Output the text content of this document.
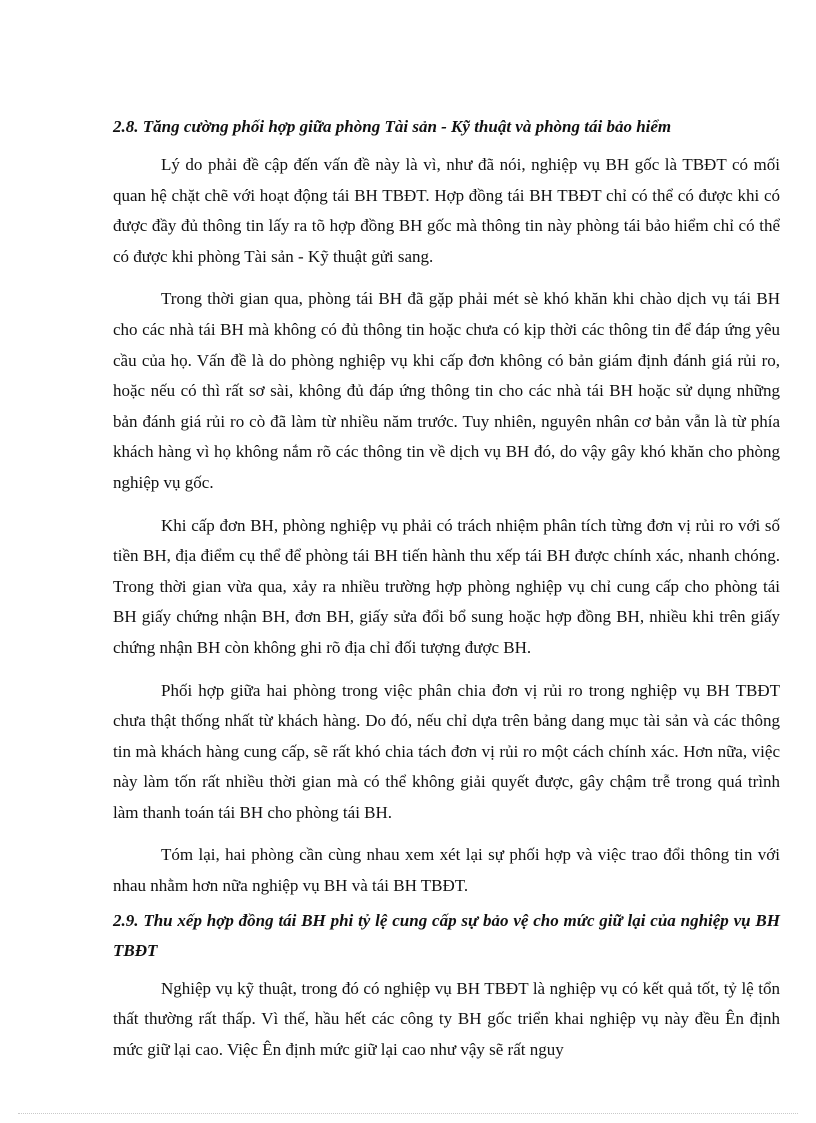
2.8. Tăng cường phối hợp giữa phòng Tài sản - Kỹ thuật và phòng tái bảo hiểm

Lý do phải đề cập đến vấn đề này là vì, như đã nói, nghiệp vụ BH gốc là TBĐT có mối quan hệ chặt chẽ với hoạt động tái BH TBĐT. Hợp đồng tái BH TBĐT chỉ có thể có được khi có được đầy đủ thông tin lấy ra tõ hợp đồng BH gốc mà thông tin này phòng tái bảo hiểm chỉ có thể có được khi phòng Tài sản - Kỹ thuật gửi sang.

Trong thời gian qua, phòng tái BH đã gặp phải mét sè khó khăn khi chào dịch vụ tái BH cho các nhà tái BH mà không có đủ thông tin hoặc chưa có kịp thời các thông tin để đáp ứng yêu cầu của họ. Vấn đề là do phòng nghiệp vụ khi cấp đơn không có bản giám định đánh giá rủi ro, hoặc nếu có thì rất sơ sài, không đủ đáp ứng thông tin cho các nhà tái BH hoặc sử dụng những bản đánh giá rủi ro cò đã làm từ nhiều năm trước. Tuy nhiên, nguyên nhân cơ bản vẫn là từ phía khách hàng vì họ không nắm rõ các thông tin về dịch vụ BH đó, do vậy gây khó khăn cho phòng nghiệp vụ gốc.

Khi cấp đơn BH, phòng nghiệp vụ phải có trách nhiệm phân tích từng đơn vị rủi ro với số tiền BH, địa điểm cụ thể để phòng tái BH tiến hành thu xếp tái BH được chính xác, nhanh chóng. Trong thời gian vừa qua, xảy ra nhiều trường hợp phòng nghiệp vụ chỉ cung cấp cho phòng tái BH giấy chứng nhận BH, đơn BH, giấy sửa đổi bổ sung hoặc hợp đồng BH, nhiều khi trên giấy chứng nhận BH còn không ghi rõ địa chỉ đối tượng được BH.

Phối hợp giữa hai phòng trong việc phân chia đơn vị rủi ro trong nghiệp vụ BH TBĐT chưa thật thống nhất từ khách hàng. Do đó, nếu chỉ dựa trên bảng dang mục tài sản và các thông tin mà khách hàng cung cấp, sẽ rất khó chia tách đơn vị rủi ro một cách chính xác. Hơn nữa, việc này làm tốn rất nhiều thời gian mà có thể không giải quyết được, gây chậm trễ trong quá trình làm thanh toán tái BH cho phòng tái BH.

Tóm lại, hai phòng cần cùng nhau xem xét lại sự phối hợp và việc trao đổi thông tin với nhau nhằm hơn nữa nghiệp vụ BH và tái BH TBĐT.

2.9. Thu xếp hợp đồng tái BH phi tỷ lệ cung cấp sự bảo vệ cho mức giữ lại của nghiệp vụ BH TBĐT

Nghiệp vụ kỹ thuật, trong đó có nghiệp vụ BH TBĐT là nghiệp vụ có kết quả tốt, tỷ lệ tổn thất thường rất thấp. Vì thế, hầu hết các công ty BH gốc triển khai nghiệp vụ này đều Ên định mức giữ lại cao. Việc Ên định mức giữ lại cao như vậy sẽ rất nguy
